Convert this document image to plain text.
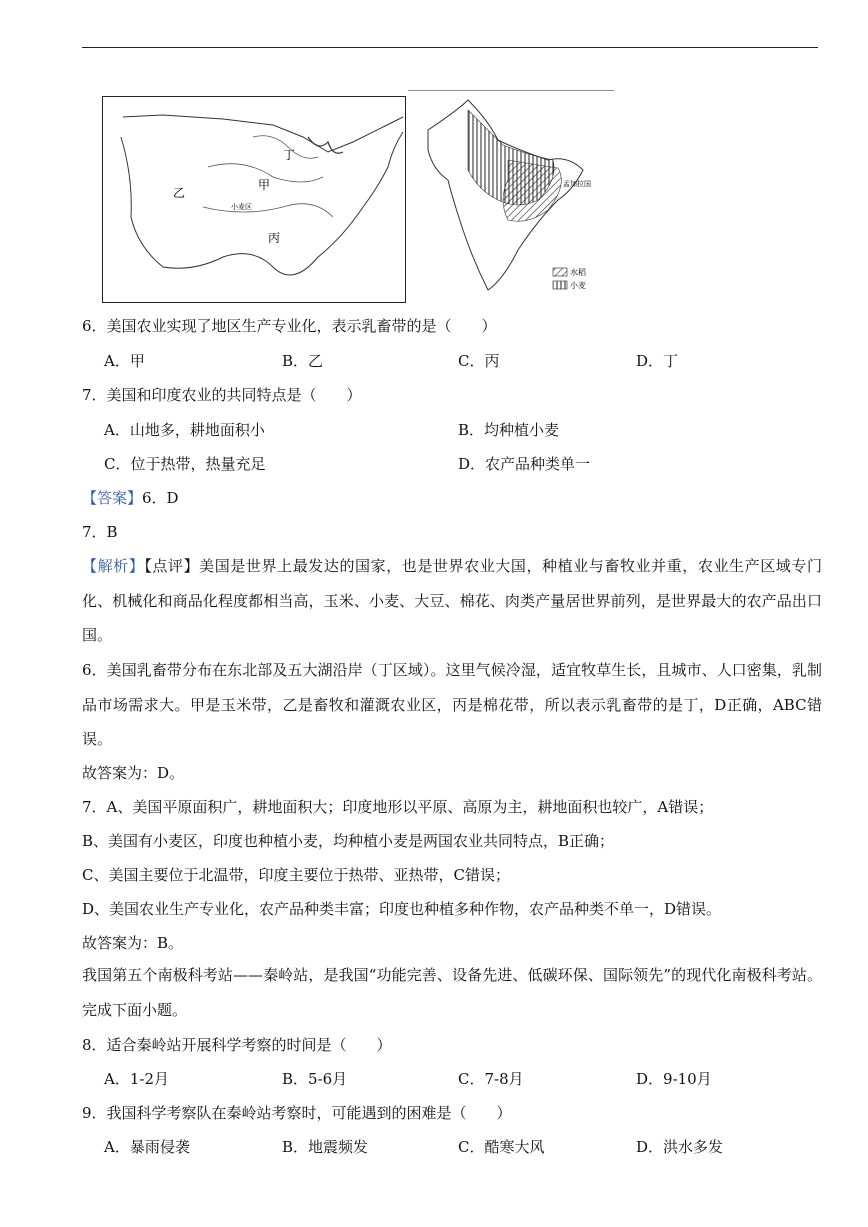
乙
甲
丙
丁
小麦区
孟加拉国
水稻
小麦
6．美国农业实现了地区生产专业化，表示乳畜带的是（　　）
A．甲	B．乙	C．丙	D．丁
7．美国和印度农业的共同特点是（　　）
A．山地多，耕地面积小	B．均种植小麦
C．位于热带，热量充足	D．农产品种类单一
【答案】6．D
7．B
【解析】【点评】美国是世界上最发达的国家，也是世界农业大国，种植业与畜牧业并重，农业生产区域专门化、机械化和商品化程度都相当高，玉米、小麦、大豆、棉花、肉类产量居世界前列，是世界最大的农产品出口国。
6．美国乳畜带分布在东北部及五大湖沿岸（丁区域）。这里气候冷湿，适宜牧草生长，且城市、人口密集，乳制品市场需求大。甲是玉米带，乙是畜牧和灌溉农业区，丙是棉花带，所以表示乳畜带的是丁，D正确，ABC错误。
故答案为：D。
7．A、美国平原面积广，耕地面积大；印度地形以平原、高原为主，耕地面积也较广，A错误；
B、美国有小麦区，印度也种植小麦，均种植小麦是两国农业共同特点，B正确；
C、美国主要位于北温带，印度主要位于热带、亚热带，C错误；
D、美国农业生产专业化，农产品种类丰富；印度也种植多种作物，农产品种类不单一，D错误。
故答案为：B。
我国第五个南极科考站——秦岭站，是我国“功能完善、设备先进、低碳环保、国际领先”的现代化南极科考站。完成下面小题。
8．适合秦岭站开展科学考察的时间是（　　）
A．1-2月	B．5-6月	C．7-8月	D．9-10月
9．我国科学考察队在秦岭站考察时，可能遇到的困难是（　　）
A．暴雨侵袭	B．地震频发	C．酷寒大风	D．洪水多发
